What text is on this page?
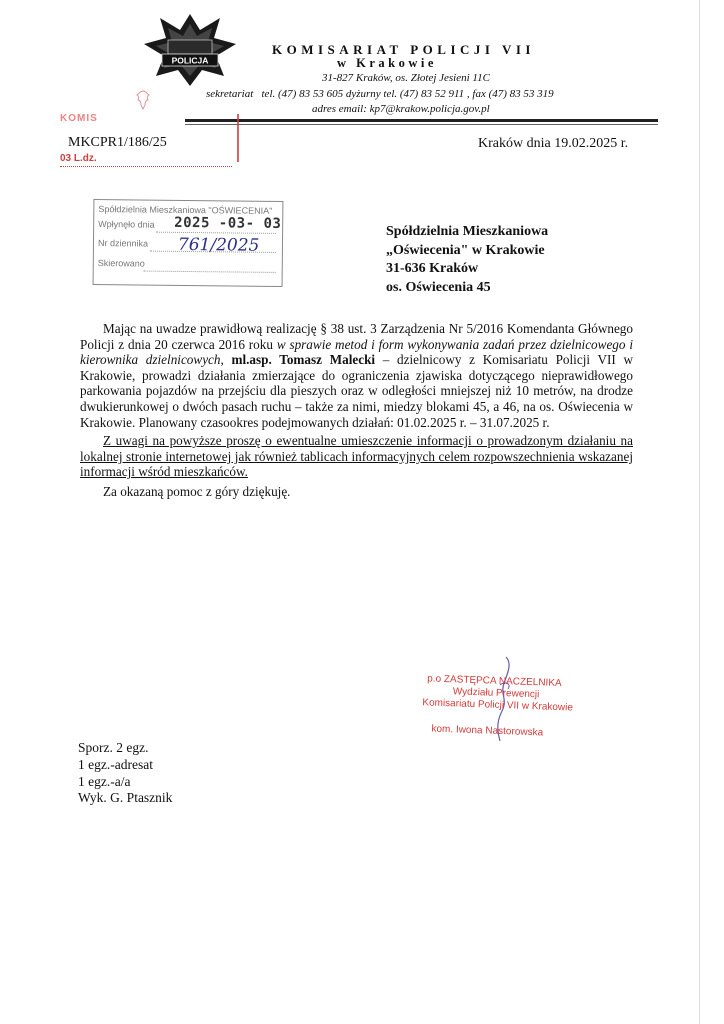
POLICJA
KOMISARIAT POLICJI VII
w Krakowie
31-827 Kraków, os. Złotej Jesieni 11C
sekretariat tel. (47) 83 53 605 dyżurny tel. (47) 83 52 911 , fax (47) 83 53 319
adres email: kp7@krakow.policja.gov.pl
KOMIS
03 L.dz.
MKCPR1/186/25	Kraków dnia 19.02.2025 r.
Spółdzielnia Mieszkaniowa "OŚWIECENIA"
Wpłynęło dnia
Nr dziennika
Skierowano
2025 -03- 03
761/2025
Spółdzielnia Mieszkaniowa
„Oświecenia" w Krakowie
31-636 Kraków
os. Oświecenia 45

Mając na uwadze prawidłową realizację § 38 ust. 3 Zarządzenia Nr 5/2016 Komendanta Głównego Policji z dnia 20 czerwca 2016 roku w sprawie metod i form wykonywania zadań przez dzielnicowego i kierownika dzielnicowych, ml.asp. Tomasz Malecki – dzielnicowy z Komisariatu Policji VII w Krakowie, prowadzi działania zmierzające do ograniczenia zjawiska dotyczącego nieprawidłowego parkowania pojazdów na przejściu dla pieszych oraz w odległości mniejszej niż 10 metrów, na drodze dwukierunkowej o dwóch pasach ruchu – także za nimi, miedzy blokami 45, a 46, na os. Oświecenia w Krakowie. Planowany czasookres podejmowanych działań: 01.02.2025 r. – 31.07.2025 r.

Z uwagi na powyższe proszę o ewentualne umieszczenie informacji o prowadzonym działaniu na lokalnej stronie internetowej jak również tablicach informacyjnych celem rozpowszechnienia wskazanej informacji wśród mieszkańców.

Za okazaną pomoc z góry dziękuję.

p.o ZASTĘPCA NACZELNIKA
Wydziału Prewencji
Komisariatu Policji VII w Krakowie
kom. Iwona Nastorowska
Sporz. 2 egz.
1 egz.-adresat
1 egz.-a/a
Wyk. G. Ptasznik
